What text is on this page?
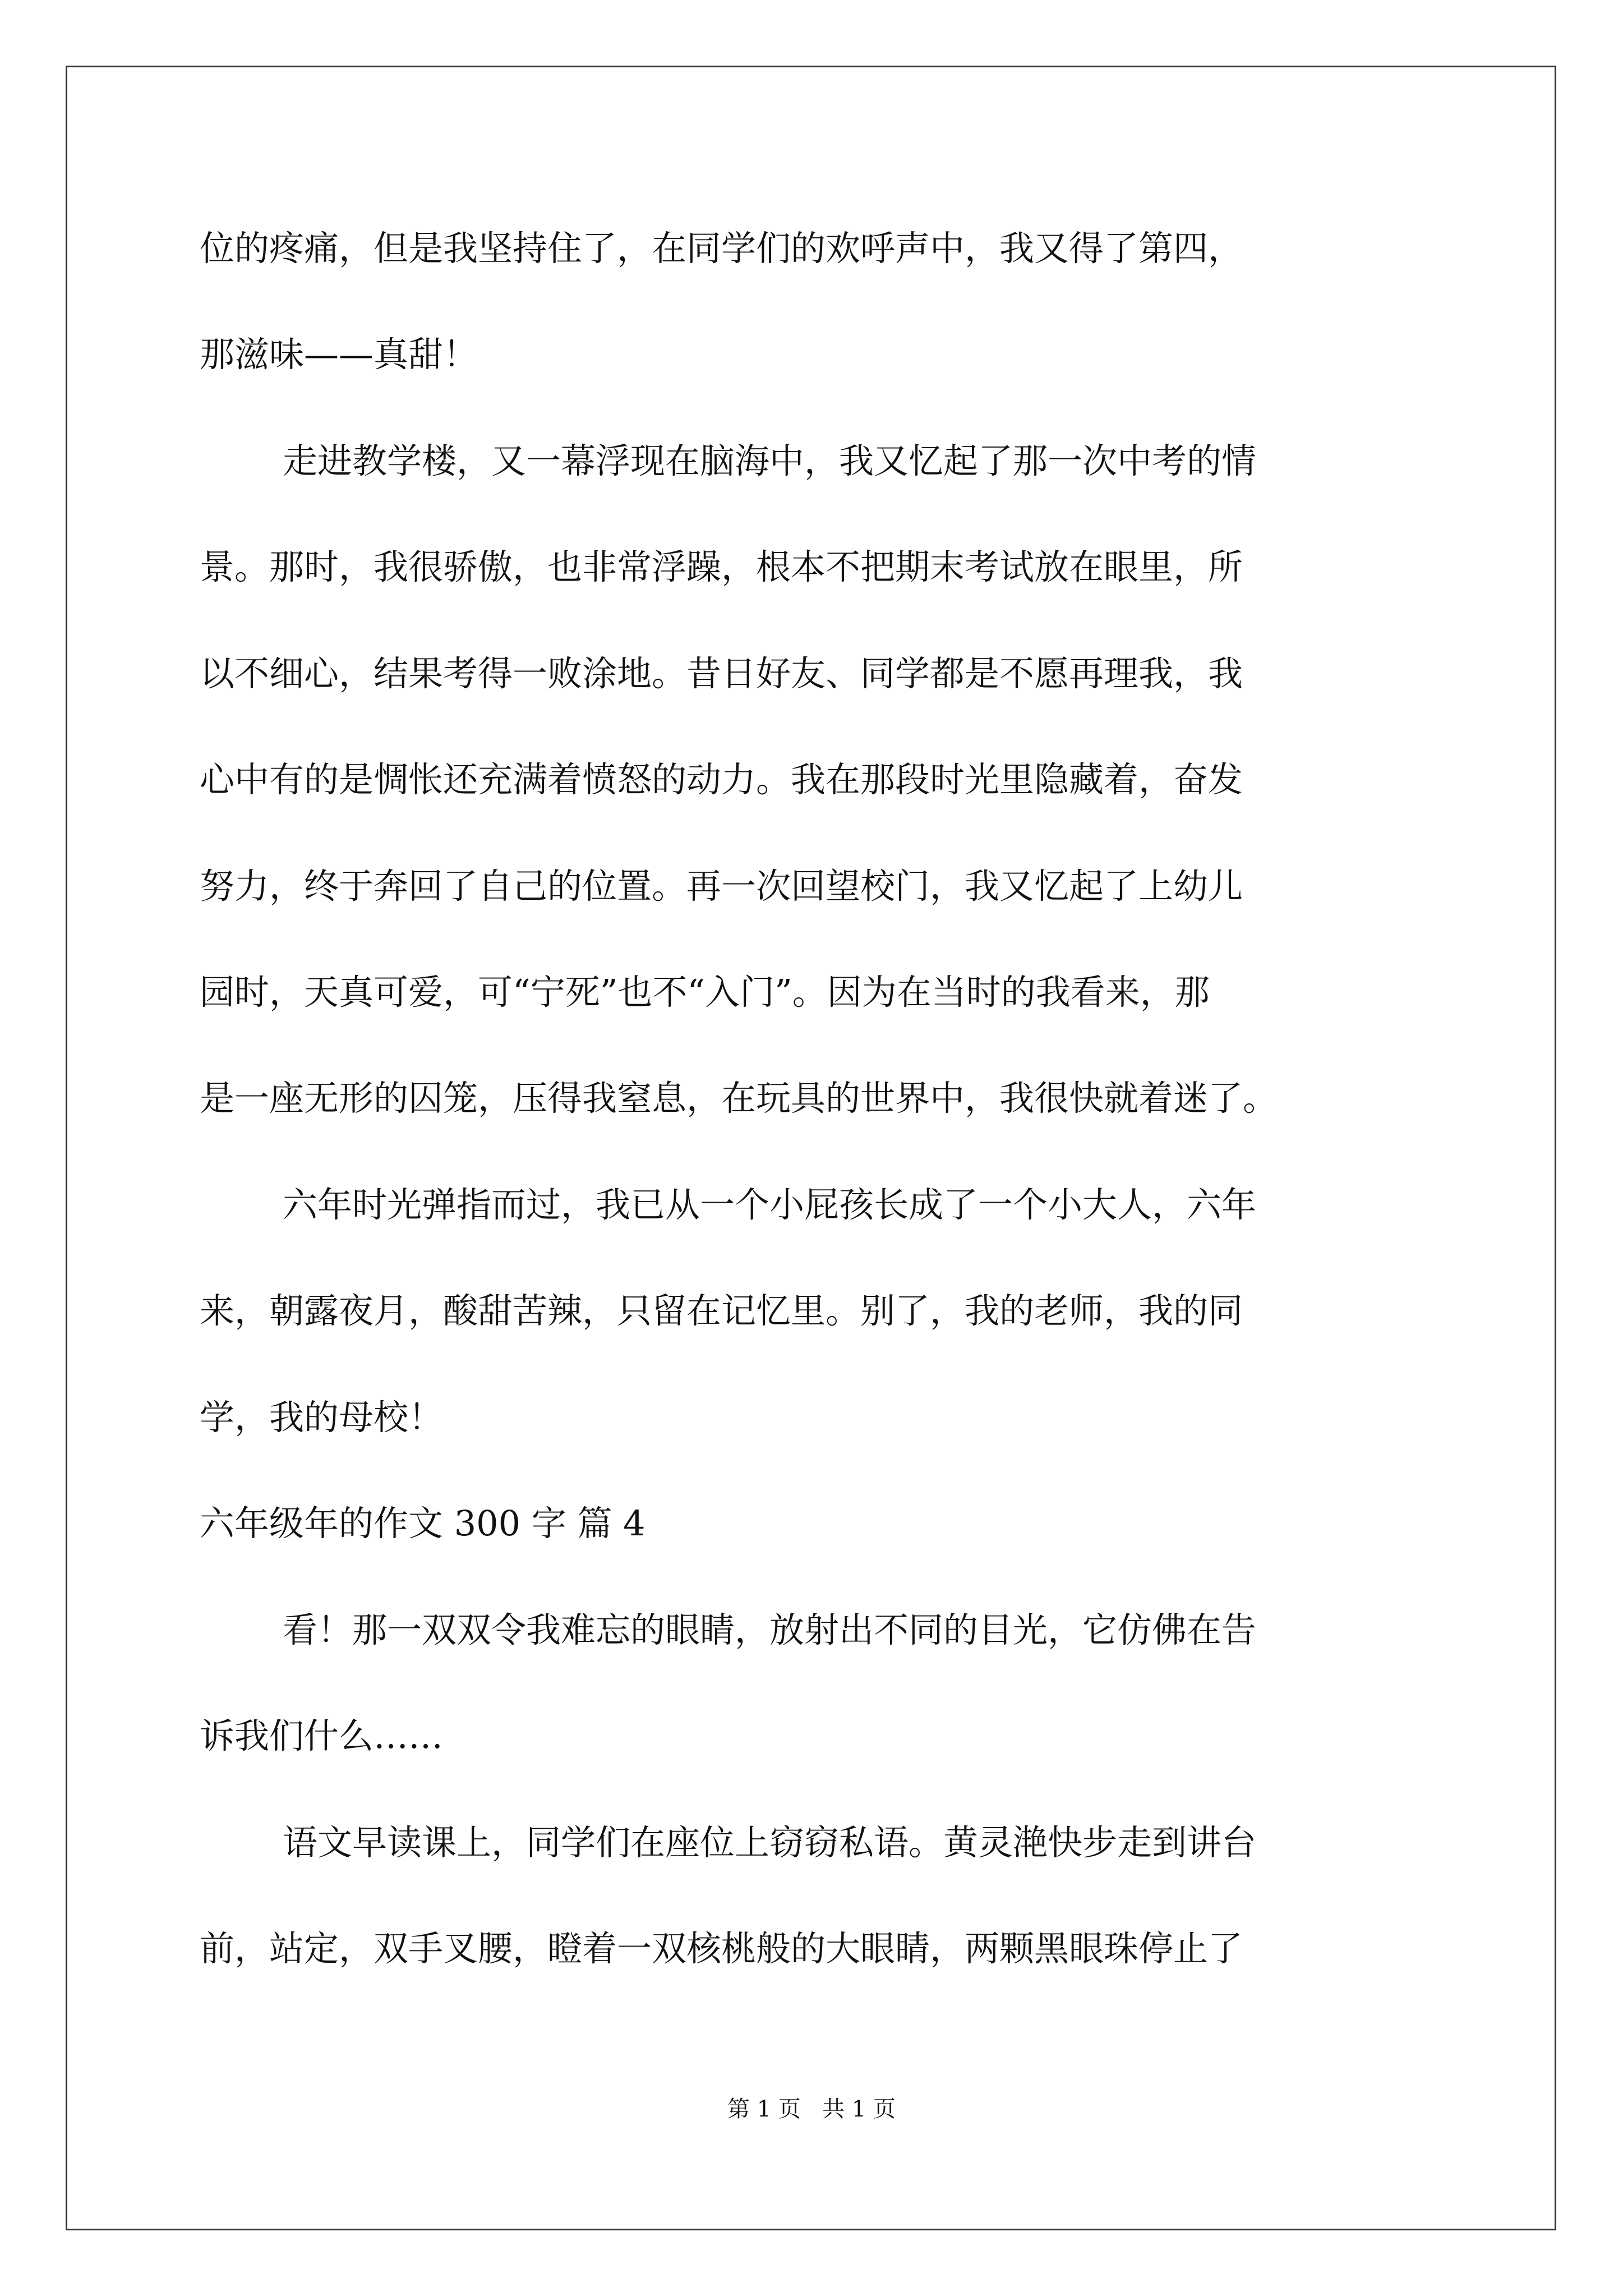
位的疼痛，但是我坚持住了，在同学们的欢呼声中，我又得了第四，
那滋味——真甜！
走进教学楼，又一幕浮现在脑海中，我又忆起了那一次中考的情
景。那时，我很骄傲，也非常浮躁，根本不把期末考试放在眼里，所
以不细心，结果考得一败涂地。昔日好友、同学都是不愿再理我，我
心中有的是惆怅还充满着愤怒的动力。我在那段时光里隐藏着，奋发
努力，终于奔回了自己的位置。再一次回望校门，我又忆起了上幼儿
园时，天真可爱，可“宁死”也不“入门”。因为在当时的我看来，那
是一座无形的囚笼，压得我窒息，在玩具的世界中，我很快就着迷了。
六年时光弹指而过，我已从一个小屁孩长成了一个小大人，六年
来，朝露夜月，酸甜苦辣，只留在记忆里。别了，我的老师，我的同
学，我的母校！
六年级年的作文 300 字 篇 4
看！那一双双令我难忘的眼睛，放射出不同的目光，它仿佛在告
诉我们什么……
语文早读课上，同学们在座位上窃窃私语。黄灵滟快步走到讲台
前，站定，双手叉腰，瞪着一双核桃般的大眼睛，两颗黑眼珠停止了
第 1 页   共 1 页
